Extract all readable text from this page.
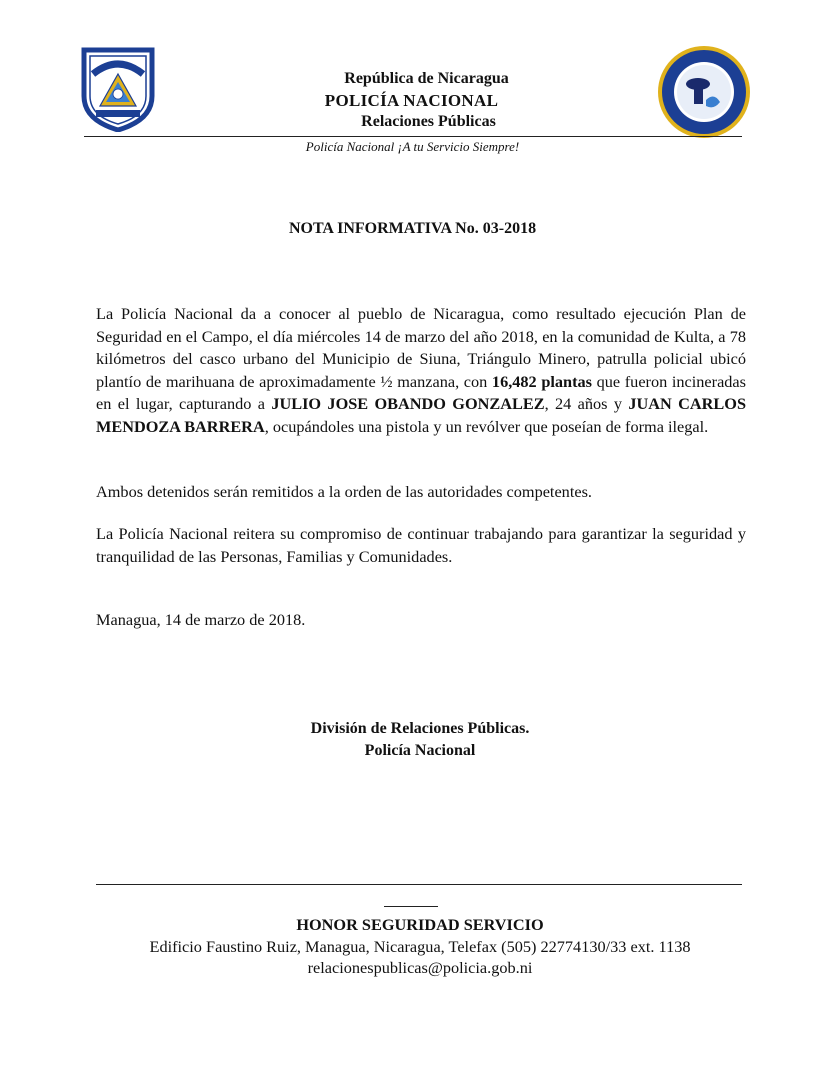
República de Nicaragua
POLICÍA NACIONAL
Relaciones Públicas
Policía Nacional ¡A tu Servicio Siempre!
NOTA INFORMATIVA No. 03-2018
La Policía Nacional da a conocer al pueblo de Nicaragua, como resultado ejecución Plan de Seguridad en el Campo, el día miércoles 14 de marzo del año 2018, en la comunidad de Kulta, a 78 kilómetros del casco urbano del Municipio de Siuna, Triángulo Minero, patrulla policial ubicó plantío de marihuana de aproximadamente ½ manzana, con 16,482 plantas que fueron incineradas en el lugar, capturando a JULIO JOSE OBANDO GONZALEZ, 24 años y JUAN CARLOS MENDOZA BARRERA, ocupándoles una pistola y un revólver que poseían de forma ilegal.
Ambos detenidos serán remitidos a la orden de las autoridades competentes.
La Policía Nacional reitera su compromiso de continuar trabajando para garantizar la seguridad y tranquilidad de las Personas, Familias y Comunidades.
Managua, 14 de marzo de 2018.
División de Relaciones Públicas.
Policía Nacional
HONOR SEGURIDAD SERVICIO
Edificio Faustino Ruiz, Managua, Nicaragua, Telefax (505) 22774130/33 ext. 1138
relacionespublicas@policia.gob.ni
